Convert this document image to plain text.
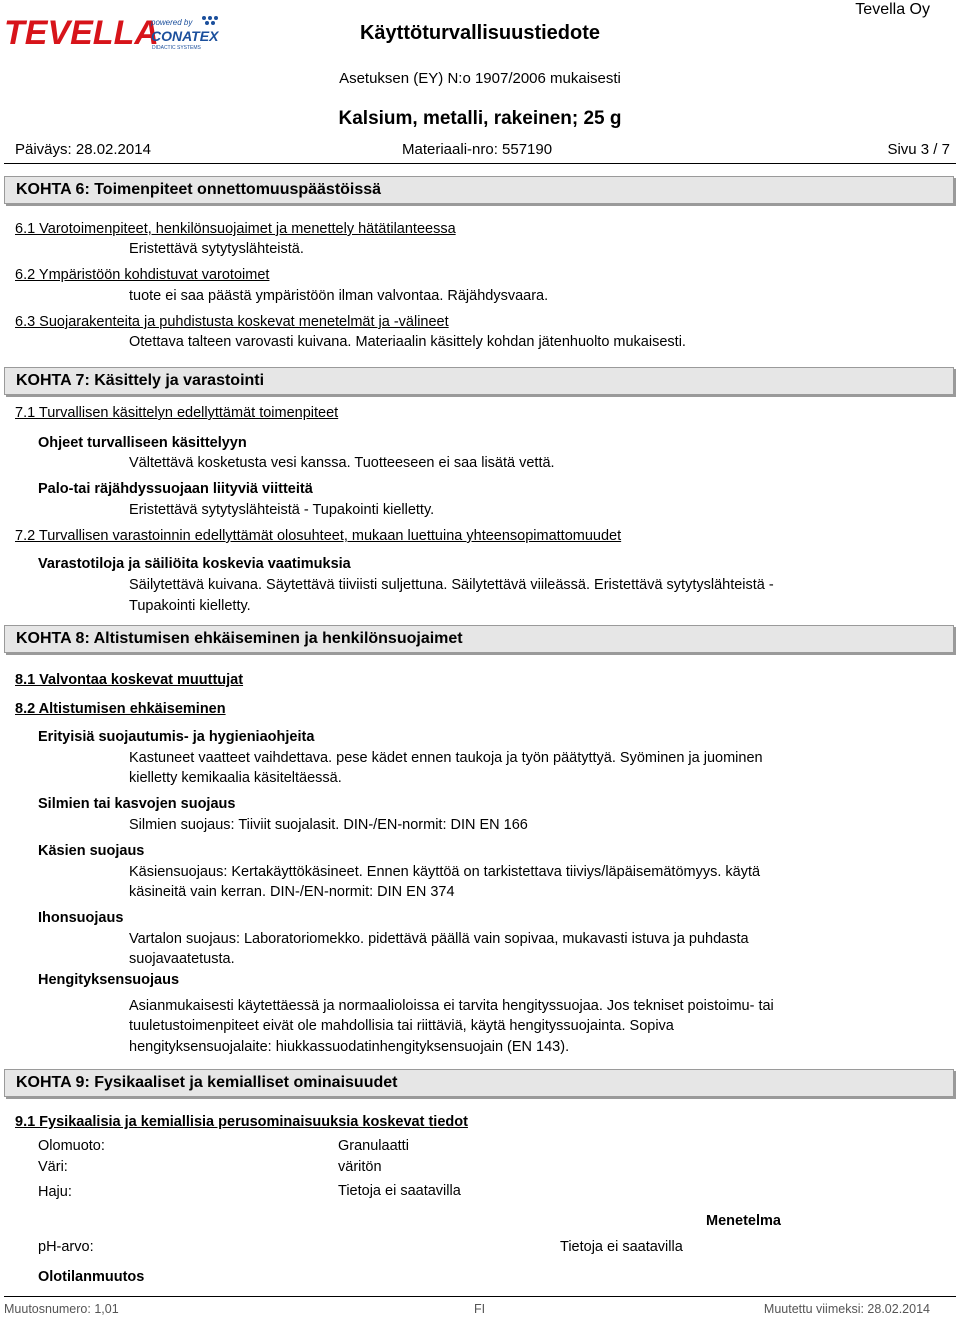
TEVELLA
powered by
CONATEX
DIDACTIC SYSTEMS
Käyttöturvallisuustiedote
Tevella Oy
Asetuksen (EY) N:o 1907/2006 mukaisesti
Kalsium, metalli, rakeinen; 25 g
Päiväys: 28.02.2014	Materiaali-nro: 557190	Sivu 3 / 7
KOHTA 6: Toimenpiteet onnettomuuspäästöissä
6.1 Varotoimenpiteet, henkilönsuojaimet ja menettely hätätilanteessa
Eristettävä sytytyslähteistä.
6.2 Ympäristöön kohdistuvat varotoimet
tuote ei saa päästä ympäristöön ilman valvontaa. Räjähdysvaara.
6.3 Suojarakenteita ja puhdistusta koskevat menetelmät ja -välineet
Otettava talteen varovasti kuivana. Materiaalin käsittely kohdan jätenhuolto mukaisesti.
KOHTA 7: Käsittely ja varastointi
7.1 Turvallisen käsittelyn edellyttämät toimenpiteet
Ohjeet turvalliseen käsittelyyn
Vältettävä kosketusta vesi kanssa. Tuotteeseen ei saa lisätä vettä.
Palo-tai räjähdyssuojaan liityviä viitteitä
Eristettävä sytytyslähteistä - Tupakointi kielletty.
7.2 Turvallisen varastoinnin edellyttämät olosuhteet, mukaan luettuina yhteensopimattomuudet
Varastotiloja ja säiliöita koskevia vaatimuksia
Säilytettävä kuivana. Säytettävä tiiviisti suljettuna. Säilytettävä viileässä. Eristettävä sytytyslähteistä -
Tupakointi kielletty.
KOHTA 8: Altistumisen ehkäiseminen ja henkilönsuojaimet
8.1 Valvontaa koskevat muuttujat
8.2 Altistumisen ehkäiseminen
Erityisiä suojautumis- ja hygieniaohjeita
Kastuneet vaatteet vaihdettava. pese kädet ennen taukoja ja työn päätyttyä. Syöminen ja juominen
kielletty kemikaalia käsiteltäessä.
Silmien tai kasvojen suojaus
Silmien suojaus: Tiiviit suojalasit. DIN-/EN-normit: DIN EN 166
Käsien suojaus
Käsiensuojaus: Kertakäyttökäsineet. Ennen käyttöä on tarkistettava tiiviys/läpäisemätömyys. käytä
käsineitä vain kerran. DIN-/EN-normit: DIN EN 374
Ihonsuojaus
Vartalon suojaus: Laboratoriomekko. pidettävä päällä vain sopivaa, mukavasti istuva ja puhdasta
suojavaatetusta.
Hengityksensuojaus
Asianmukaisesti käytettäessä ja normaalioloissa ei tarvita hengityssuojaa. Jos tekniset poistoimu- tai
tuuletustoimenpiteet eivät ole mahdollisia tai riittäviä, käytä hengityssuojainta. Sopiva
hengityksensuojalaite: hiukkassuodatinhengityksensuojain (EN 143).
KOHTA 9: Fysikaaliset ja kemialliset ominaisuudet
9.1 Fysikaalisia ja kemiallisia perusominaisuuksia koskevat tiedot
Olomuoto:	Granulaatti
Väri:	väritön
Haju:	Tietoja ei saatavilla
Menetelma
pH-arvo:	Tietoja ei saatavilla
Olotilanmuutos
Muutosnumero: 1,01	FI	Muutettu viimeksi: 28.02.2014
